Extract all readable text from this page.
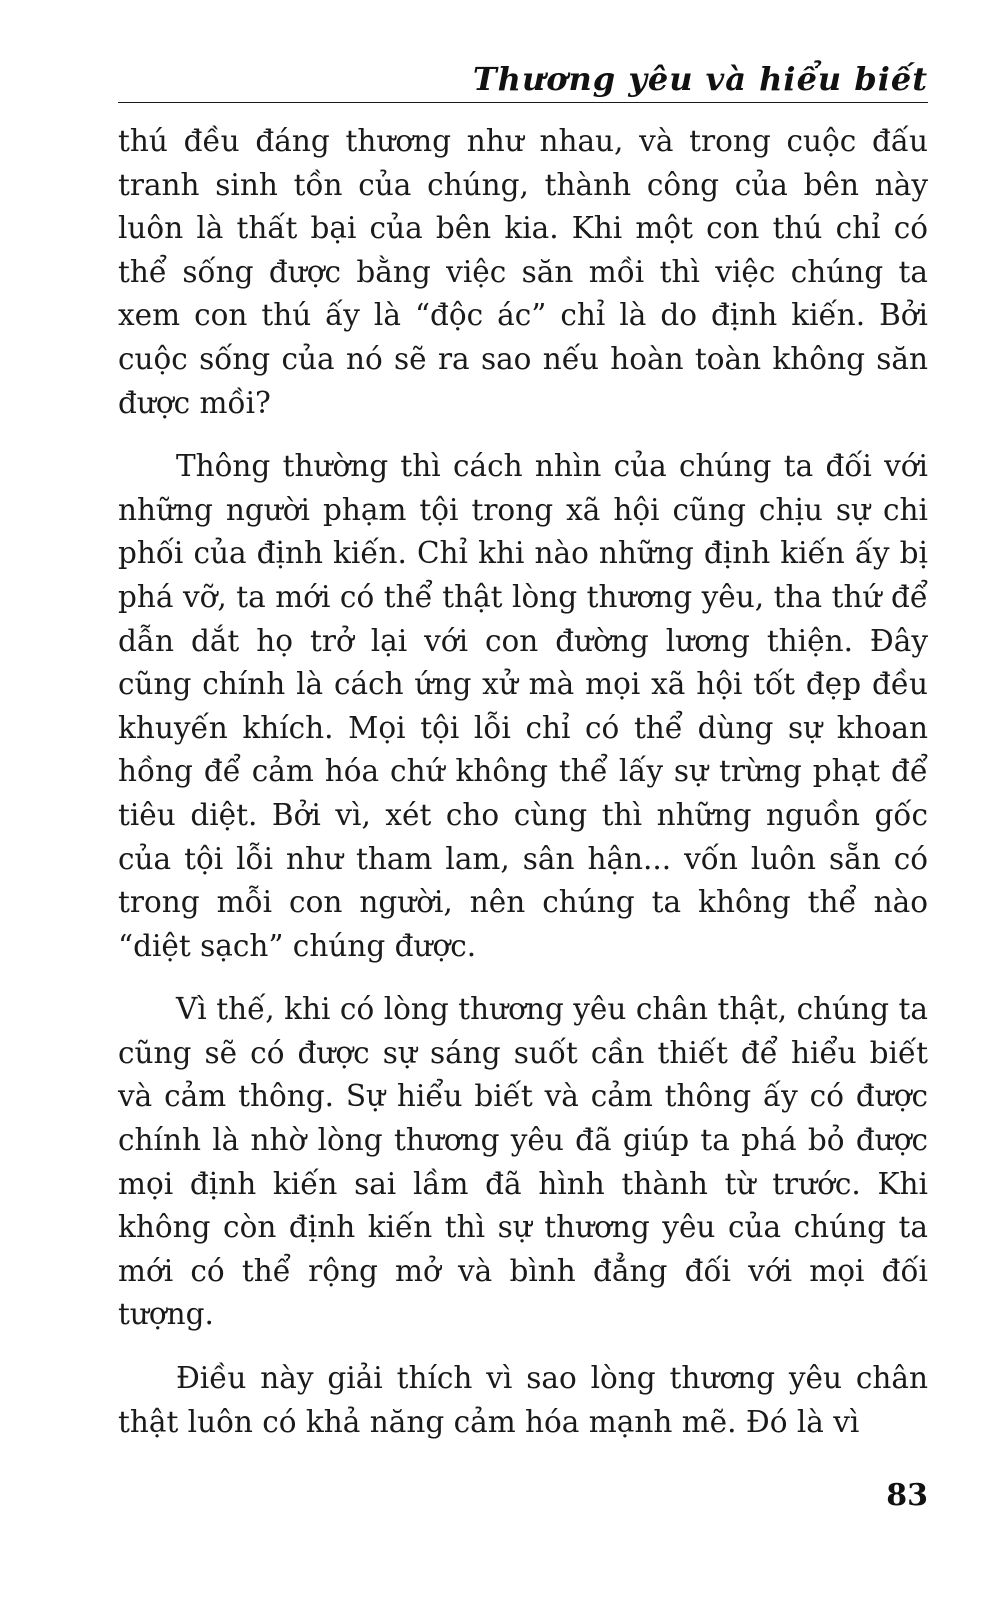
Thương yêu và hiểu biết

thú đều đáng thương như nhau, và trong cuộc đấu tranh sinh tồn của chúng, thành công của bên này luôn là thất bại của bên kia. Khi một con thú chỉ có thể sống được bằng việc săn mồi thì việc chúng ta xem con thú ấy là “độc ác” chỉ là do định kiến. Bởi cuộc sống của nó sẽ ra sao nếu hoàn toàn không săn được mồi?

Thông thường thì cách nhìn của chúng ta đối với những người phạm tội trong xã hội cũng chịu sự chi phối của định kiến. Chỉ khi nào những định kiến ấy bị phá vỡ, ta mới có thể thật lòng thương yêu, tha thứ để dẫn dắt họ trở lại với con đường lương thiện. Đây cũng chính là cách ứng xử mà mọi xã hội tốt đẹp đều khuyến khích. Mọi tội lỗi chỉ có thể dùng sự khoan hồng để cảm hóa chứ không thể lấy sự trừng phạt để tiêu diệt. Bởi vì, xét cho cùng thì những nguồn gốc của tội lỗi như tham lam, sân hận... vốn luôn sẵn có trong mỗi con người, nên chúng ta không thể nào “diệt sạch” chúng được.

Vì thế, khi có lòng thương yêu chân thật, chúng ta cũng sẽ có được sự sáng suốt cần thiết để hiểu biết và cảm thông. Sự hiểu biết và cảm thông ấy có được chính là nhờ lòng thương yêu đã giúp ta phá bỏ được mọi định kiến sai lầm đã hình thành từ trước. Khi không còn định kiến thì sự thương yêu của chúng ta mới có thể rộng mở và bình đẳng đối với mọi đối tượng.

Điều này giải thích vì sao lòng thương yêu chân thật luôn có khả năng cảm hóa mạnh mẽ. Đó là vì

83
